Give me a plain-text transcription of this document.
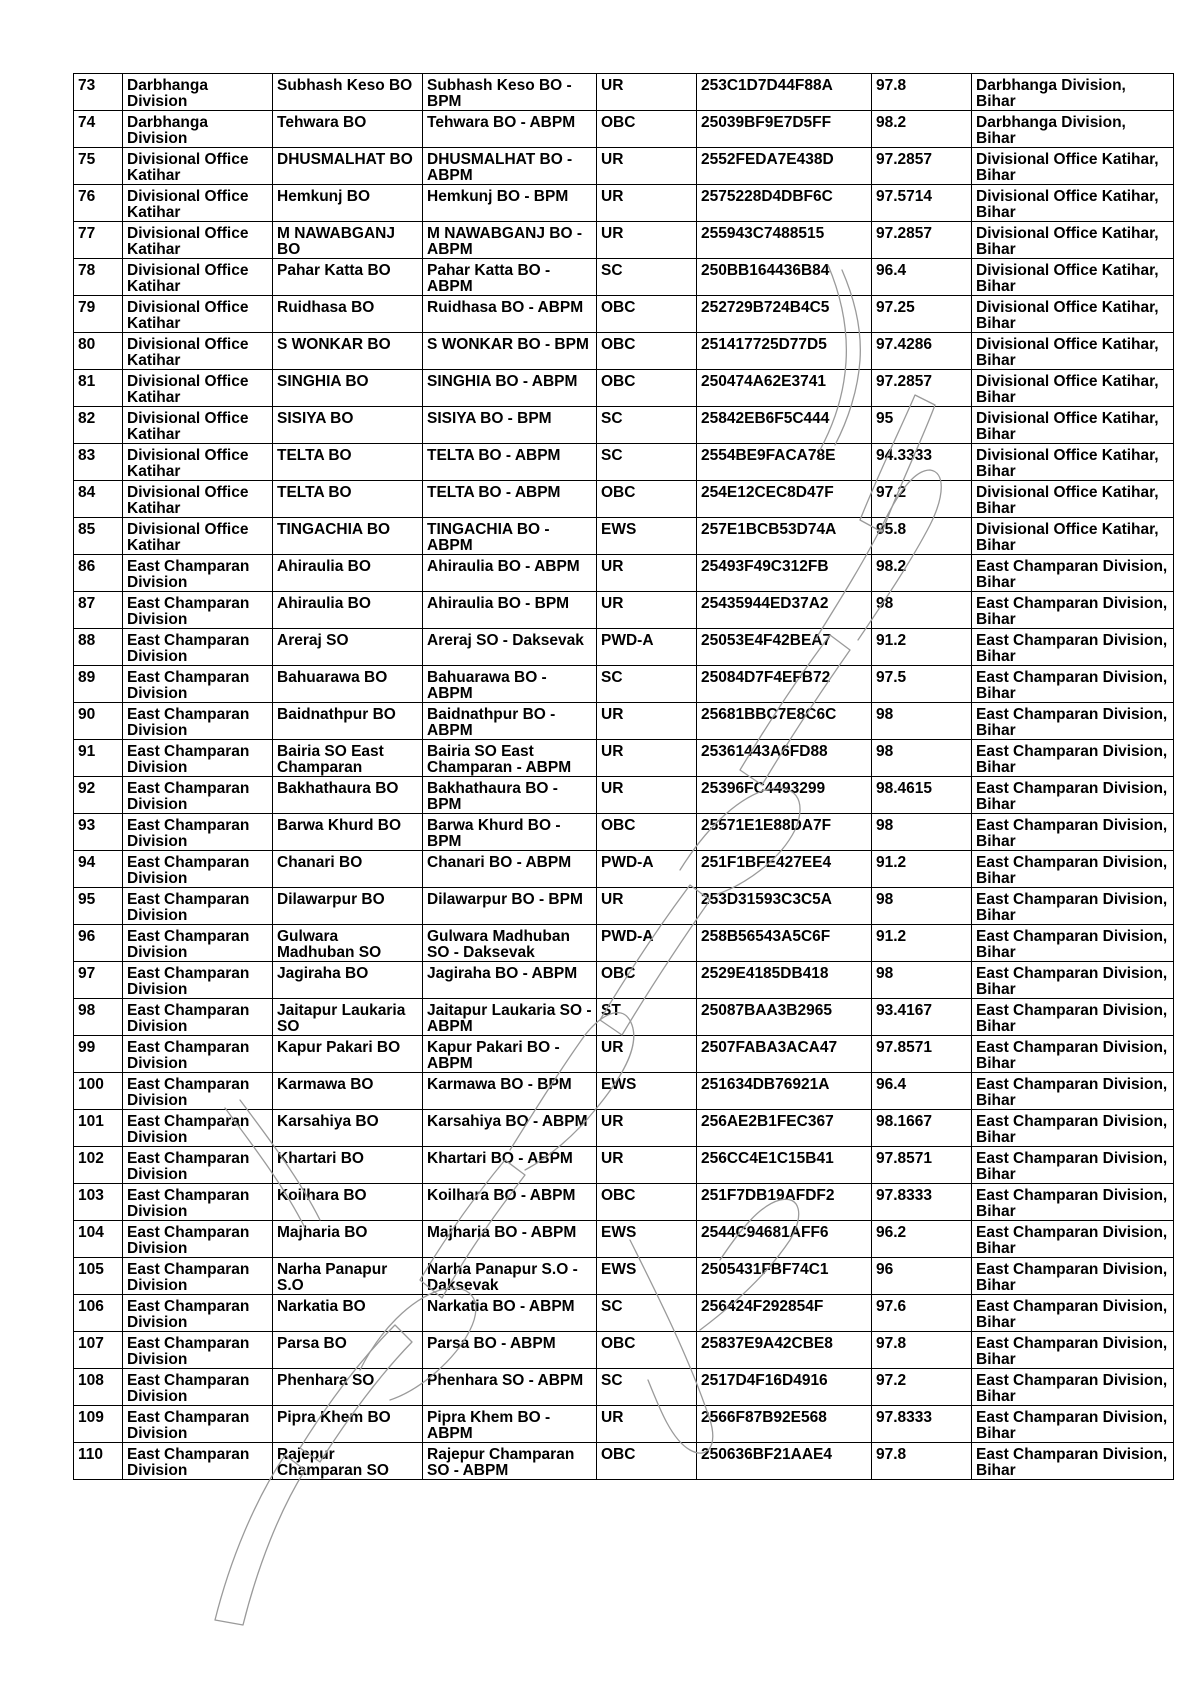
73	Darbhanga Division	Subhash Keso BO	Subhash Keso BO - BPM	UR	253C1D7D44F88A	97.8	Darbhanga Division, Bihar
74	Darbhanga Division	Tehwara BO	Tehwara BO - ABPM	OBC	25039BF9E7D5FF	98.2	Darbhanga Division, Bihar
75	Divisional Office Katihar	DHUSMALHAT BO	DHUSMALHAT BO - ABPM	UR	2552FEDA7E438D	97.2857	Divisional Office Katihar, Bihar
76	Divisional Office Katihar	Hemkunj BO	Hemkunj BO - BPM	UR	2575228D4DBF6C	97.5714	Divisional Office Katihar, Bihar
77	Divisional Office Katihar	M NAWABGANJ BO	M NAWABGANJ BO - ABPM	UR	255943C7488515	97.2857	Divisional Office Katihar, Bihar
78	Divisional Office Katihar	Pahar Katta BO	Pahar Katta BO - ABPM	SC	250BB164436B84	96.4	Divisional Office Katihar, Bihar
79	Divisional Office Katihar	Ruidhasa BO	Ruidhasa BO - ABPM	OBC	252729B724B4C5	97.25	Divisional Office Katihar, Bihar
80	Divisional Office Katihar	S WONKAR BO	S WONKAR BO - BPM	OBC	251417725D77D5	97.4286	Divisional Office Katihar, Bihar
81	Divisional Office Katihar	SINGHIA BO	SINGHIA BO - ABPM	OBC	250474A62E3741	97.2857	Divisional Office Katihar, Bihar
82	Divisional Office Katihar	SISIYA BO	SISIYA BO - BPM	SC	25842EB6F5C444	95	Divisional Office Katihar, Bihar
83	Divisional Office Katihar	TELTA BO	TELTA BO - ABPM	SC	2554BE9FACA78E	94.3333	Divisional Office Katihar, Bihar
84	Divisional Office Katihar	TELTA BO	TELTA BO - ABPM	OBC	254E12CEC8D47F	97.2	Divisional Office Katihar, Bihar
85	Divisional Office Katihar	TINGACHIA BO	TINGACHIA BO - ABPM	EWS	257E1BCB53D74A	95.8	Divisional Office Katihar, Bihar
86	East Champaran Division	Ahiraulia BO	Ahiraulia BO - ABPM	UR	25493F49C312FB	98.2	East Champaran Division, Bihar
87	East Champaran Division	Ahiraulia BO	Ahiraulia BO - BPM	UR	25435944ED37A2	98	East Champaran Division, Bihar
88	East Champaran Division	Areraj SO	Areraj SO - Daksevak	PWD-A	25053E4F42BEA7	91.2	East Champaran Division, Bihar
89	East Champaran Division	Bahuarawa BO	Bahuarawa BO - ABPM	SC	25084D7F4EFB72	97.5	East Champaran Division, Bihar
90	East Champaran Division	Baidnathpur BO	Baidnathpur BO - ABPM	UR	25681BBC7E8C6C	98	East Champaran Division, Bihar
91	East Champaran Division	Bairia SO East Champaran	Bairia SO East Champaran - ABPM	UR	25361443A6FD88	98	East Champaran Division, Bihar
92	East Champaran Division	Bakhathaura BO	Bakhathaura BO - BPM	UR	25396FC4493299	98.4615	East Champaran Division, Bihar
93	East Champaran Division	Barwa Khurd BO	Barwa Khurd BO - BPM	OBC	25571E1E88DA7F	98	East Champaran Division, Bihar
94	East Champaran Division	Chanari BO	Chanari BO - ABPM	PWD-A	251F1BFE427EE4	91.2	East Champaran Division, Bihar
95	East Champaran Division	Dilawarpur BO	Dilawarpur BO - BPM	UR	253D31593C3C5A	98	East Champaran Division, Bihar
96	East Champaran Division	Gulwara Madhuban SO	Gulwara Madhuban SO - Daksevak	PWD-A	258B56543A5C6F	91.2	East Champaran Division, Bihar
97	East Champaran Division	Jagiraha BO	Jagiraha BO - ABPM	OBC	2529E4185DB418	98	East Champaran Division, Bihar
98	East Champaran Division	Jaitapur Laukaria SO	Jaitapur Laukaria SO - ABPM	ST	25087BAA3B2965	93.4167	East Champaran Division, Bihar
99	East Champaran Division	Kapur Pakari BO	Kapur Pakari BO - ABPM	UR	2507FABA3ACA47	97.8571	East Champaran Division, Bihar
100	East Champaran Division	Karmawa BO	Karmawa BO - BPM	EWS	251634DB76921A	96.4	East Champaran Division, Bihar
101	East Champaran Division	Karsahiya BO	Karsahiya BO - ABPM	UR	256AE2B1FEC367	98.1667	East Champaran Division, Bihar
102	East Champaran Division	Khartari BO	Khartari BO - ABPM	UR	256CC4E1C15B41	97.8571	East Champaran Division, Bihar
103	East Champaran Division	Koilhara BO	Koilhara BO - ABPM	OBC	251F7DB19AFDF2	97.8333	East Champaran Division, Bihar
104	East Champaran Division	Majharia BO	Majharia BO - ABPM	EWS	2544C94681AFF6	96.2	East Champaran Division, Bihar
105	East Champaran Division	Narha Panapur S.O	Narha Panapur S.O - Daksevak	EWS	2505431FBF74C1	96	East Champaran Division, Bihar
106	East Champaran Division	Narkatia BO	Narkatia BO - ABPM	SC	256424F292854F	97.6	East Champaran Division, Bihar
107	East Champaran Division	Parsa BO	Parsa BO - ABPM	OBC	25837E9A42CBE8	97.8	East Champaran Division, Bihar
108	East Champaran Division	Phenhara SO	Phenhara SO - ABPM	SC	2517D4F16D4916	97.2	East Champaran Division, Bihar
109	East Champaran Division	Pipra Khem BO	Pipra Khem BO - ABPM	UR	2566F87B92E568	97.8333	East Champaran Division, Bihar
110	East Champaran Division	Rajepur Champaran SO	Rajepur Champaran SO - ABPM	OBC	250636BF21AAE4	97.8	East Champaran Division, Bihar
